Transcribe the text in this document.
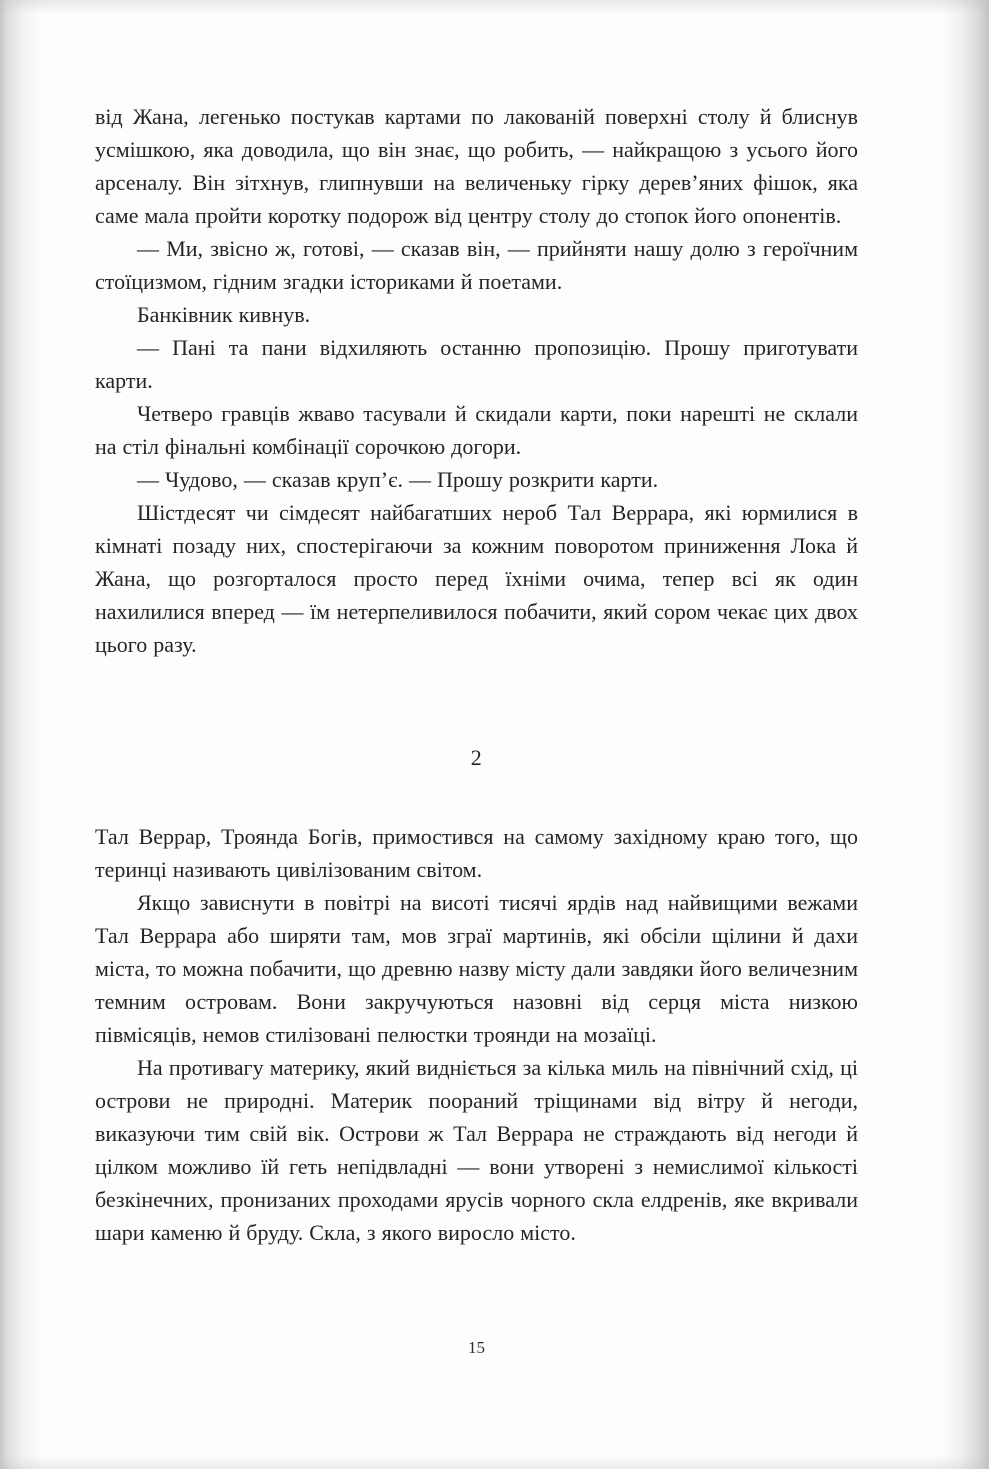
від Жана, легенько постукав картами по лакованій поверхні столу й блиснув усмішкою, яка доводила, що він знає, що робить, — найкращою з усього його арсеналу. Він зітхнув, глипнувши на величеньку гірку дерев’яних фішок, яка саме мала пройти коротку подорож від центру столу до стопок його опонентів.

— Ми, звісно ж, готові, — сказав він, — прийняти нашу долю з героїчним стоїцизмом, гідним згадки істориками й поетами.

Банківник кивнув.

— Пані та пани відхиляють останню пропозицію. Прошу приготувати карти.

Четверо гравців жваво тасували й скидали карти, поки нарешті не склали на стіл фінальні комбінації сорочкою догори.

— Чудово, — сказав круп’є. — Прошу розкрити карти.

Шістдесят чи сімдесят найбагатших нероб Тал Веррара, які юрмилися в кімнаті позаду них, спостерігаючи за кожним поворотом приниження Лока й Жана, що розгорталося просто перед їхніми очима, тепер всі як один нахилилися вперед — їм нетерпеливилося побачити, який сором чекає цих двох цього разу.

2

Тал Веррар, Троянда Богів, примостився на самому західному краю того, що теринці називають цивілізованим світом.

Якщо зависнути в повітрі на висоті тисячі ярдів над найвищими вежами Тал Веррара або ширяти там, мов зграї мартинів, які обсіли щілини й дахи міста, то можна побачити, що древню назву місту дали завдяки його величезним темним островам. Вони закручуються назовні від серця міста низкою півмісяців, немов стилізовані пелюстки троянди на мозаїці.

На противагу материку, який видніється за кілька миль на північний схід, ці острови не природні. Материк поораний тріщинами від вітру й негоди, виказуючи тим свій вік. Острови ж Тал Веррара не страждають від негоди й цілком можливо їй геть непідвладні — вони утворені з немислимої кількості безкінечних, пронизаних проходами ярусів чорного скла елдренів, яке вкривали шари каменю й бруду. Скла, з якого виросло місто.

15
